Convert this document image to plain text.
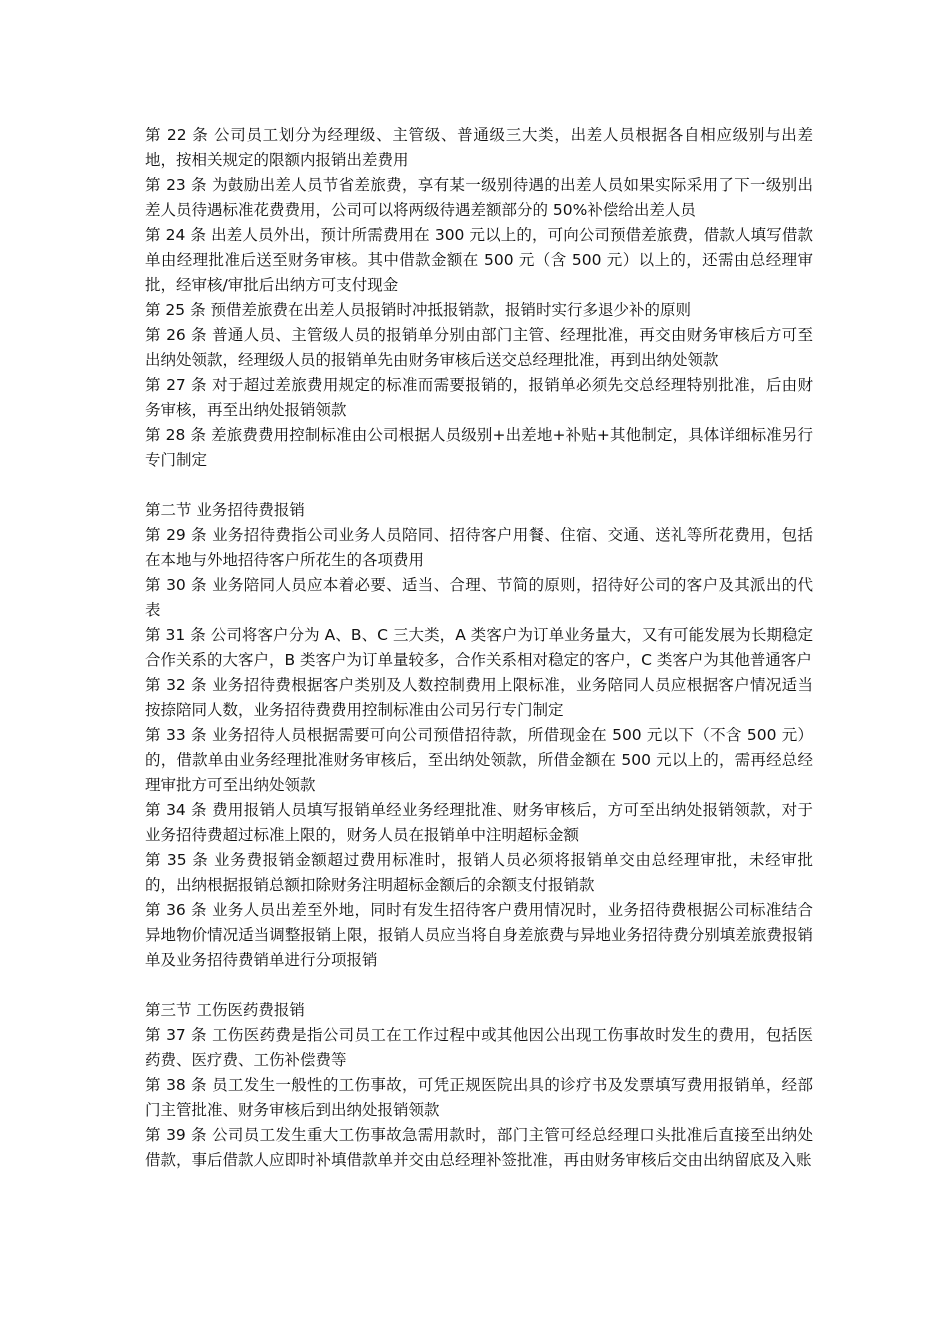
第 22 条 公司员工划分为经理级、主管级、普通级三大类，出差人员根据各自相应级别与出差地，按相关规定的限额内报销出差费用

第 23 条 为鼓励出差人员节省差旅费，享有某一级别待遇的出差人员如果实际采用了下一级别出差人员待遇标准花费费用，公司可以将两级待遇差额部分的 50%补偿给出差人员

第 24 条 出差人员外出，预计所需费用在 300 元以上的，可向公司预借差旅费，借款人填写借款单由经理批准后送至财务审核。其中借款金额在 500 元（含 500 元）以上的，还需由总经理审批，经审核/审批后出纳方可支付现金

第 25 条 预借差旅费在出差人员报销时冲抵报销款，报销时实行多退少补的原则

第 26 条 普通人员、主管级人员的报销单分别由部门主管、经理批准，再交由财务审核后方可至出纳处领款，经理级人员的报销单先由财务审核后送交总经理批准，再到出纳处领款

第 27 条 对于超过差旅费用规定的标准而需要报销的，报销单必须先交总经理特别批准，后由财务审核，再至出纳处报销领款

第 28 条 差旅费费用控制标准由公司根据人员级别+出差地+补贴+其他制定，具体详细标准另行专门制定

第二节 业务招待费报销

第 29 条 业务招待费指公司业务人员陪同、招待客户用餐、住宿、交通、送礼等所花费用，包括在本地与外地招待客户所花生的各项费用

第 30 条 业务陪同人员应本着必要、适当、合理、节简的原则，招待好公司的客户及其派出的代表

第 31 条 公司将客户分为 A、B、C 三大类，A 类客户为订单业务量大，又有可能发展为长期稳定合作关系的大客户，B 类客户为订单量较多，合作关系相对稳定的客户，C 类客户为其他普通客户

第 32 条 业务招待费根据客户类别及人数控制费用上限标准，业务陪同人员应根据客户情况适当按捺陪同人数，业务招待费费用控制标准由公司另行专门制定

第 33 条 业务招待人员根据需要可向公司预借招待款，所借现金在 500 元以下（不含 500 元）的，借款单由业务经理批准财务审核后，至出纳处领款，所借金额在 500 元以上的，需再经总经理审批方可至出纳处领款

第 34 条 费用报销人员填写报销单经业务经理批准、财务审核后，方可至出纳处报销领款，对于业务招待费超过标准上限的，财务人员在报销单中注明超标金额

第 35 条 业务费报销金额超过费用标准时，报销人员必须将报销单交由总经理审批，未经审批的，出纳根据报销总额扣除财务注明超标金额后的余额支付报销款

第 36 条 业务人员出差至外地，同时有发生招待客户费用情况时，业务招待费根据公司标准结合异地物价情况适当调整报销上限，报销人员应当将自身差旅费与异地业务招待费分别填差旅费报销单及业务招待费销单进行分项报销

第三节 工伤医药费报销

第 37 条 工伤医药费是指公司员工在工作过程中或其他因公出现工伤事故时发生的费用，包括医药费、医疗费、工伤补偿费等

第 38 条 员工发生一般性的工伤事故，可凭正规医院出具的诊疗书及发票填写费用报销单，经部门主管批准、财务审核后到出纳处报销领款

第 39 条 公司员工发生重大工伤事故急需用款时，部门主管可经总经理口头批准后直接至出纳处借款，事后借款人应即时补填借款单并交由总经理补签批准，再由财务审核后交由出纳留底及入账
